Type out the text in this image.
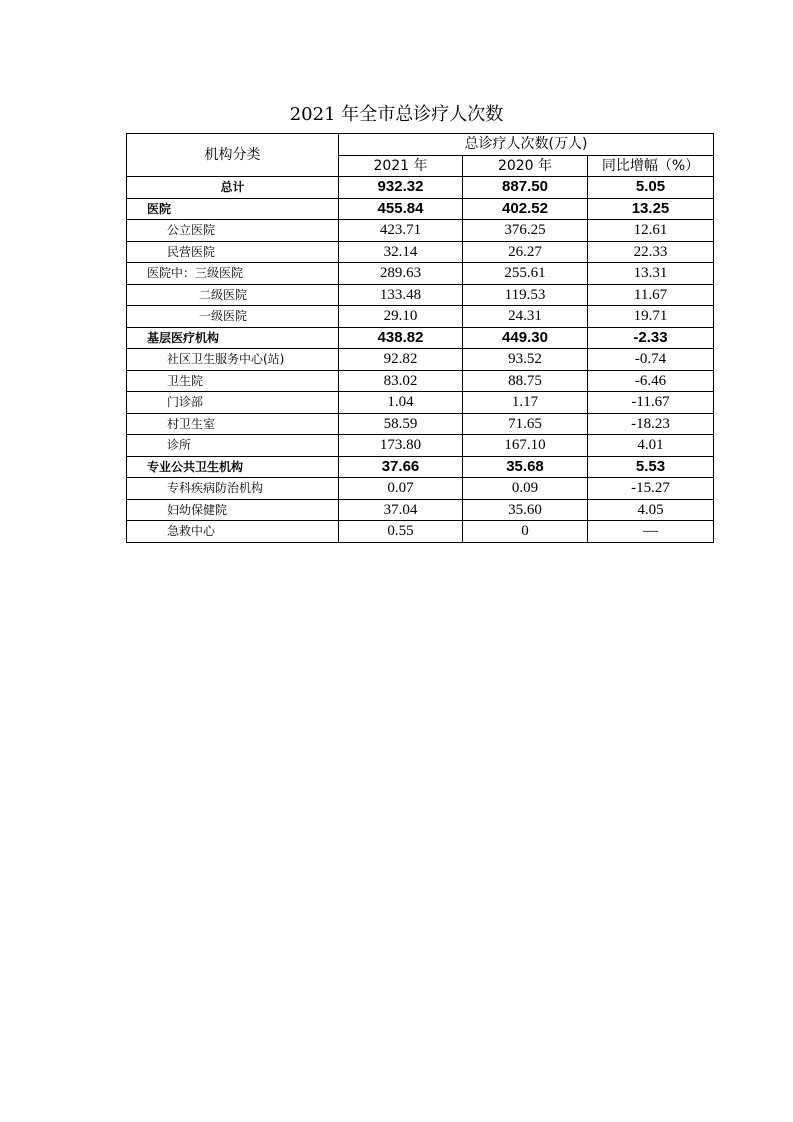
2021 年全市总诊疗人次数
机构分类	总诊疗人次数(万人)		
	2021 年	2020 年	同比增幅（%）
总计	932.32	887.50	5.05
医院	455.84	402.52	13.25
公立医院	423.71	376.25	12.61
民营医院	32.14	26.27	22.33
医院中：三级医院	289.63	255.61	13.31
二级医院	133.48	119.53	11.67
一级医院	29.10	24.31	19.71
基层医疗机构	438.82	449.30	-2.33
社区卫生服务中心(站)	92.82	93.52	-0.74
卫生院	83.02	88.75	-6.46
门诊部	1.04	1.17	-11.67
村卫生室	58.59	71.65	-18.23
诊所	173.80	167.10	4.01
专业公共卫生机构	37.66	35.68	5.53
专科疾病防治机构	0.07	0.09	-15.27
妇幼保健院	37.04	35.60	4.05
急救中心	0.55	0	—
